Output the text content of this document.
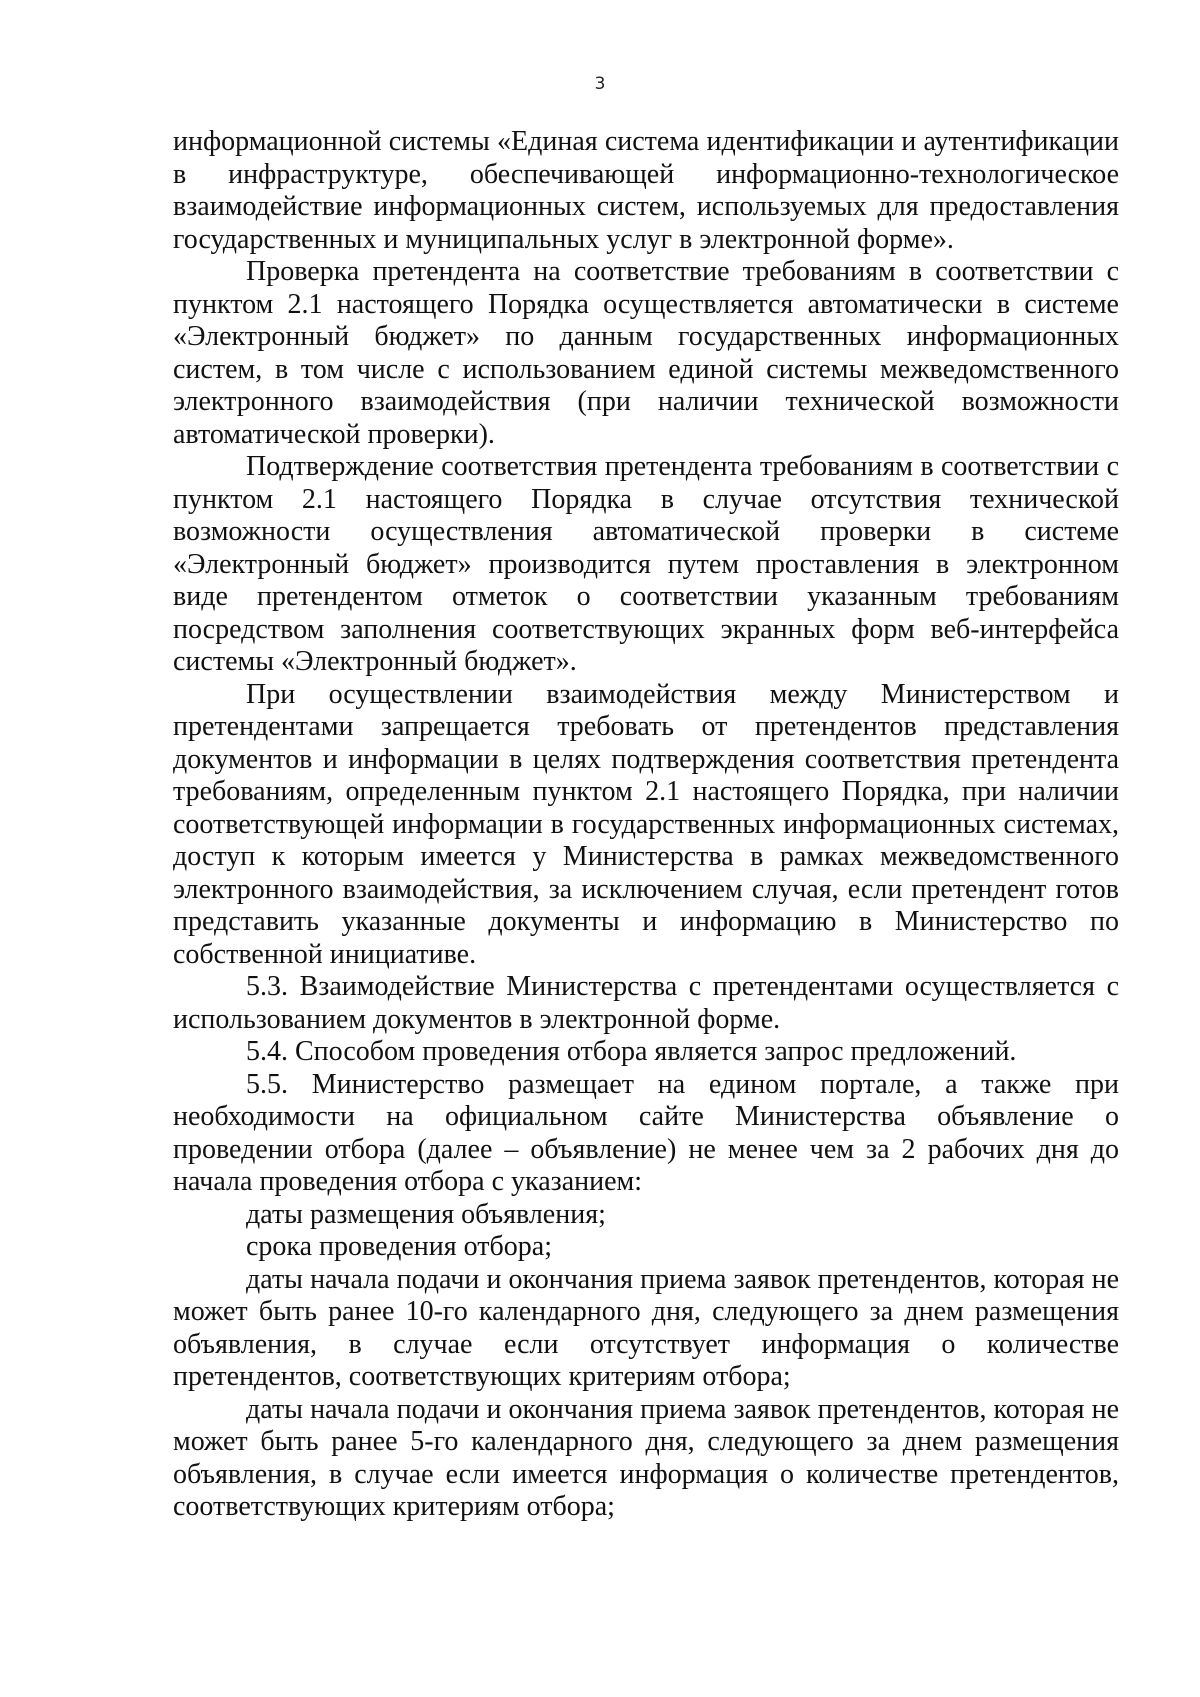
3

информационной системы «Единая система идентификации и аутентификации в инфраструктуре, обеспечивающей информационно-технологическое взаимодействие информационных систем, используемых для предоставления государственных и муниципальных услуг в электронной форме».

Проверка претендента на соответствие требованиям в соответствии с пунктом 2.1 настоящего Порядка осуществляется автоматически в системе «Электронный бюджет» по данным государственных информационных систем, в том числе с использованием единой системы межведомственного электронного взаимодействия (при наличии технической возможности автоматической проверки).

Подтверждение соответствия претендента требованиям в соответствии с пунктом 2.1 настоящего Порядка в случае отсутствия технической возможности осуществления автоматической проверки в системе «Электронный бюджет» производится путем проставления в электронном виде претендентом отметок о соответствии указанным требованиям посредством заполнения соответствующих экранных форм веб-интерфейса системы «Электронный бюджет».

При осуществлении взаимодействия между Министерством и претендентами запрещается требовать от претендентов представления документов и информации в целях подтверждения соответствия претендента требованиям, определенным пунктом 2.1 настоящего Порядка, при наличии соответствующей информации в государственных информационных системах, доступ к которым имеется у Министерства в рамках межведомственного электронного взаимодействия, за исключением случая, если претендент готов представить указанные документы и информацию в Министерство по собственной инициативе.

5.3. Взаимодействие Министерства с претендентами осуществляется с использованием документов в электронной форме.

5.4. Способом проведения отбора является запрос предложений.

5.5. Министерство размещает на едином портале, а также при необходимости на официальном сайте Министерства объявление о проведении отбора (далее – объявление) не менее чем за 2 рабочих дня до начала проведения отбора с указанием:

даты размещения объявления;

срока проведения отбора;

даты начала подачи и окончания приема заявок претендентов, которая не может быть ранее 10-го календарного дня, следующего за днем размещения объявления, в случае если отсутствует информация о количестве претендентов, соответствующих критериям отбора;

даты начала подачи и окончания приема заявок претендентов, которая не может быть ранее 5-го календарного дня, следующего за днем размещения объявления, в случае если имеется информация о количестве претендентов, соответствующих критериям отбора;
